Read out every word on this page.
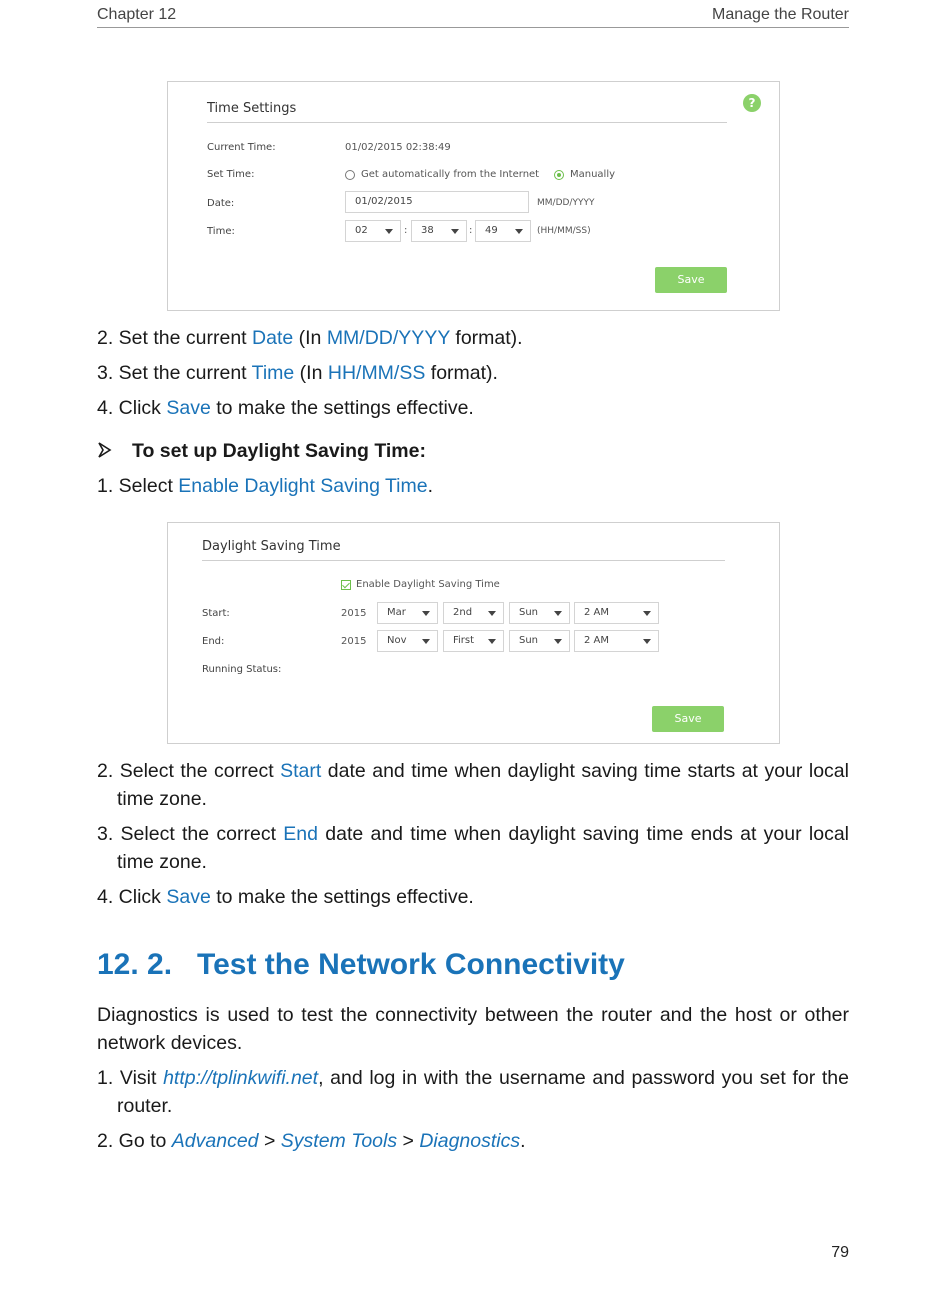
Chapter 12	Manage the Router
Time Settings	?
Current Time:	01/02/2015 02:38:49
Set Time:	Get automatically from the Internet	Manually
Date:	01/02/2015	MM/DD/YYYY
Time:	02	:	38	:	49	(HH/MM/SS)
Save
2. Set the current Date (In MM/DD/YYYY format).
3. Set the current Time (In HH/MM/SS format).
4. Click Save to make the settings effective.
To set up Daylight Saving Time:
1. Select Enable Daylight Saving Time.
Daylight Saving Time
Enable Daylight Saving Time
Start:	2015	Mar	2nd	Sun	2 AM
End:	2015	Nov	First	Sun	2 AM
Running Status:
Save
2. Select the correct Start date and time when daylight saving time starts at your local time zone.
3. Select the correct End date and time when daylight saving time ends at your local time zone.
4. Click Save to make the settings effective.
12. 2. Test the Network Connectivity
Diagnostics is used to test the connectivity between the router and the host or other network devices.
1. Visit http://tplinkwifi.net, and log in with the username and password you set for the router.
2. Go to Advanced > System Tools > Diagnostics.
79
